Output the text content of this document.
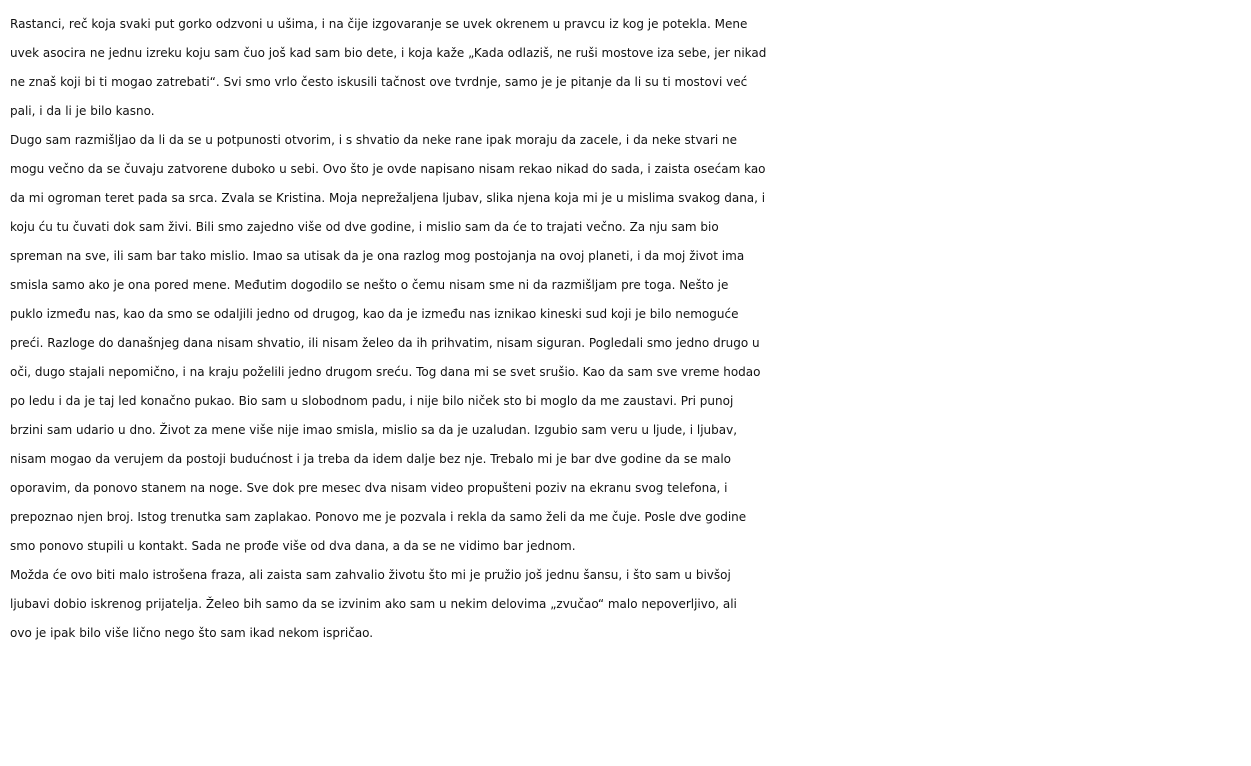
Rastanci, reč koja svaki put gorko odzvoni u ušima, i na čije izgovaranje se uvek okrenem u pravcu iz kog je potekla. Mene
uvek asocira ne jednu izreku koju sam čuo još kad sam bio dete, i koja kaže „Kada odlaziš, ne ruši mostove iza sebe, jer nikad
ne znaš koji bi ti mogao zatrebati“. Svi smo vrlo često iskusili tačnost ove tvrdnje, samo je je pitanje da li su ti mostovi već
pali, i da li je bilo kasno.
Dugo sam razmišljao da li da se u potpunosti otvorim, i s shvatio da neke rane ipak moraju da zacele, i da neke stvari ne
mogu večno da se čuvaju zatvorene duboko u sebi. Ovo što je ovde napisano nisam rekao nikad do sada, i zaista osećam kao
da mi ogroman teret pada sa srca. Zvala se Kristina. Moja neprežaljena ljubav, slika njena koja mi je u mislima svakog dana, i
koju ću tu čuvati dok sam živi. Bili smo zajedno više od dve godine, i mislio sam da će to trajati večno. Za nju sam bio
spreman na sve, ili sam bar tako mislio. Imao sa utisak da je ona razlog mog postojanja na ovoj planeti, i da moj život ima
smisla samo ako je ona pored mene. Međutim dogodilo se nešto o čemu nisam sme ni da razmišljam pre toga. Nešto je
puklo između nas, kao da smo se odaljili jedno od drugog, kao da je između nas iznikao kineski sud koji je bilo nemoguće
preći. Razloge do današnjeg dana nisam shvatio, ili nisam želeo da ih prihvatim, nisam siguran. Pogledali smo jedno drugo u
oči, dugo stajali nepomično, i na kraju poželili jedno drugom sreću. Tog dana mi se svet srušio. Kao da sam sve vreme hodao
po ledu i da je taj led konačno pukao. Bio sam u slobodnom padu, i nije bilo niček sto bi moglo da me zaustavi. Pri punoj
brzini sam udario u dno. Život za mene više nije imao smisla, mislio sa da je uzaludan. Izgubio sam veru u ljude, i ljubav,
nisam mogao da verujem da postoji budućnost i ja treba da idem dalje bez nje. Trebalo mi je bar dve godine da se malo
oporavim, da ponovo stanem na noge. Sve dok pre mesec dva nisam video propušteni poziv na ekranu svog telefona, i
prepoznao njen broj. Istog trenutka sam zaplakao. Ponovo me je pozvala i rekla da samo želi da me čuje. Posle dve godine
smo ponovo stupili u kontakt. Sada ne prođe više od dva dana, a da se ne vidimo bar jednom.
Možda će ovo biti malo istrošena fraza, ali zaista sam zahvalio životu što mi je pružio još jednu šansu, i što sam u bivšoj
ljubavi dobio iskrenog prijatelja. Želeo bih samo da se izvinim ako sam u nekim delovima „zvučao“ malo nepoverljivo, ali
ovo je ipak bilo više lično nego što sam ikad nekom ispričao.
